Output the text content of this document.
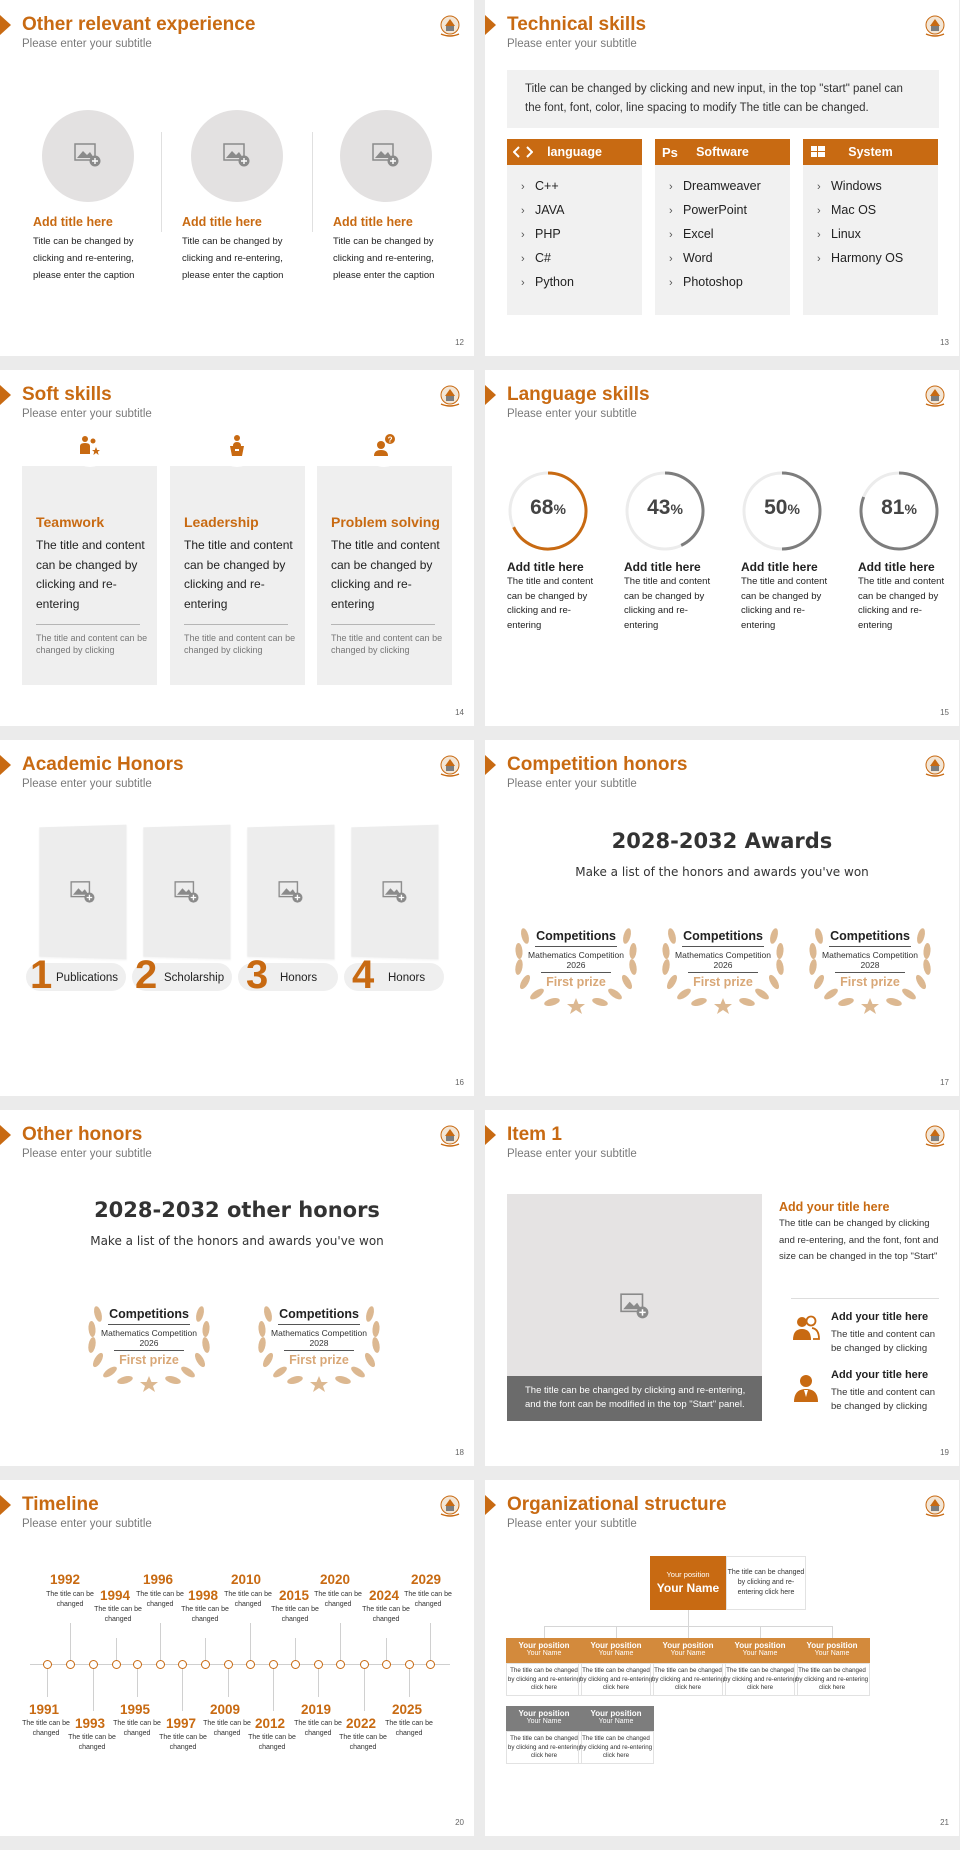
Other relevant experience
Please enter your subtitle
Add title here
Title can be changed by clicking and re-entering, please enter the caption
Add title here
Title can be changed by clicking and re-entering, please enter the caption
Add title here
Title can be changed by clicking and re-entering, please enter the caption
12
Technical skills
Please enter your subtitle
Title can be changed by clicking and new input, in the top "start" panel can the font, font, color, line spacing to modify The title can be changed.
language
› C++
› JAVA
› PHP
› C#
› Python
Ps Software
› Dreamweaver
› PowerPoint
› Excel
› Word
› Photoshop
System
› Windows
› Mac OS
› Linux
› Harmony OS
13
Soft skills
Please enter your subtitle
Teamwork
The title and content can be changed by clicking and re-entering
The title and content can be changed by clicking
Leadership
The title and content can be changed by clicking and re-entering
The title and content can be changed by clicking
Problem solving
The title and content can be changed by clicking and re-entering
The title and content can be changed by clicking
?
14
Language skills
Please enter your subtitle
68%	43%	50%	81%
Add title here
The title and content can be changed by clicking and re-entering
Add title here
The title and content can be changed by clicking and re-entering
Add title here
The title and content can be changed by clicking and re-entering
Add title here
The title and content can be changed by clicking and re-entering
15
Academic Honors
Please enter your subtitle
1 Publications 2 Scholarship 3 Honors 4 Honors
16
Competition honors
Please enter your subtitle
2028-2032 Awards
Make a list of the honors and awards you've won
Competitions
Mathematics Competition
2026
First prize
Competitions
Mathematics Competition
2026
First prize
Competitions
Mathematics Competition
2028
First prize
17
Other honors
Please enter your subtitle
2028-2032 other honors
Make a list of the honors and awards you've won
Competitions
Mathematics Competition
2026
First prize
Competitions
Mathematics Competition
2028
First prize
18
Item 1
Please enter your subtitle
The title can be changed by clicking and re-entering, and the font can be modified in the top "Start" panel.
Add your title here
The title can be changed by clicking and re-entering, and the font, font and size can be changed in the top "Start"
Add your title here
The title and content can be changed by clicking
Add your title here
The title and content can be changed by clicking
19
Timeline
Please enter your subtitle
1992
The title can be changed
1994
The title can be changed
1996
The title can be changed
1998
The title can be changed
2010
The title can be changed
2015
The title can be changed
2020
The title can be changed
2024
The title can be changed
2029
The title can be changed
1991
The title can be changed
1993
The title can be changed
1995
The title can be changed
1997
The title can be changed
2009
The title can be changed
2012
The title can be changed
2019
The title can be changed
2022
The title can be changed
2025
The title can be changed
20
Organizational structure
Please enter your subtitle
Your position
Your Name
The title can be changed by clicking and re-entering click here
Your position
Your Name
The title can be changed by clicking and re-entering click here
Your position
Your Name
The title can be changed by clicking and re-entering click here
Your position
Your Name
The title can be changed by clicking and re-entering click here
Your position
Your Name
The title can be changed by clicking and re-entering click here
Your position
Your Name
The title can be changed by clicking and re-entering click here
Your position
Your Name
The title can be changed by clicking and re-entering click here
Your position
Your Name
The title can be changed by clicking and re-entering click here
21
